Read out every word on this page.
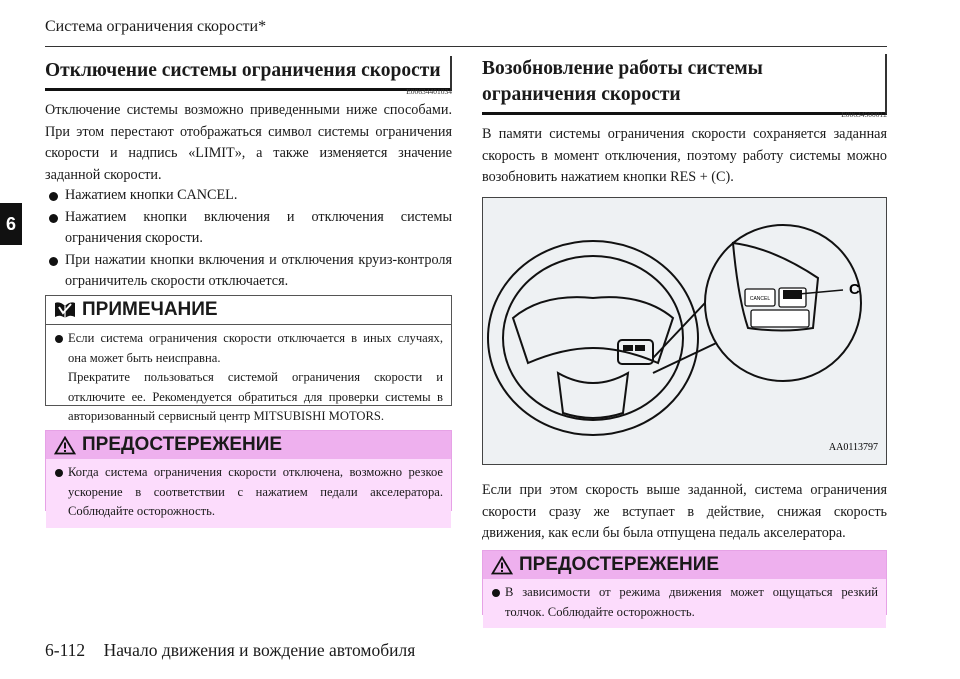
Система ограничения скорости*
6
Отключение системы ограничения скорости
E00634401034
Отключение системы возможно приведенными ниже способами. При этом перестают отображаться символ системы ограничения скорости и надпись «LIMIT», а также изменяется значение заданной скорости.
Нажатием кнопки CANCEL.
Нажатием кнопки включения и отключения системы ограничения скорости.
При нажатии кнопки включения и отключения круиз-контроля ограничитель скорости отключается.
ПРИМЕЧАНИЕ
Если система ограничения скорости отключается в иных случаях, она может быть неисправна.
Прекратите пользоваться системой ограничения скорости и отключите ее. Рекомендуется обратиться для проверки системы в авторизованный сервисный центр MITSUBISHI MOTORS.
ПРЕДОСТЕРЕЖЕНИЕ
Когда система ограничения скорости отключена, возможно резкое ускорение в соответствии с нажатием педали акселератора. Соблюдайте осторожность.
Возобновление работы системы ограничения скорости
E00634500012
В памяти системы ограничения скорости сохраняется заданная скорость в момент отключения, поэтому работу системы можно возобновить нажатием кнопки RES + (C).
CANCEL
C
AA0113797
Если при этом скорость выше заданной, система ограничения скорости сразу же вступает в действие, снижая скорость движения, как если бы была отпущена педаль акселератора.
ПРЕДОСТЕРЕЖЕНИЕ
В зависимости от режима движения может ощущаться резкий толчок. Соблюдайте осторожность.
6-112 Начало движения и вождение автомобиля
